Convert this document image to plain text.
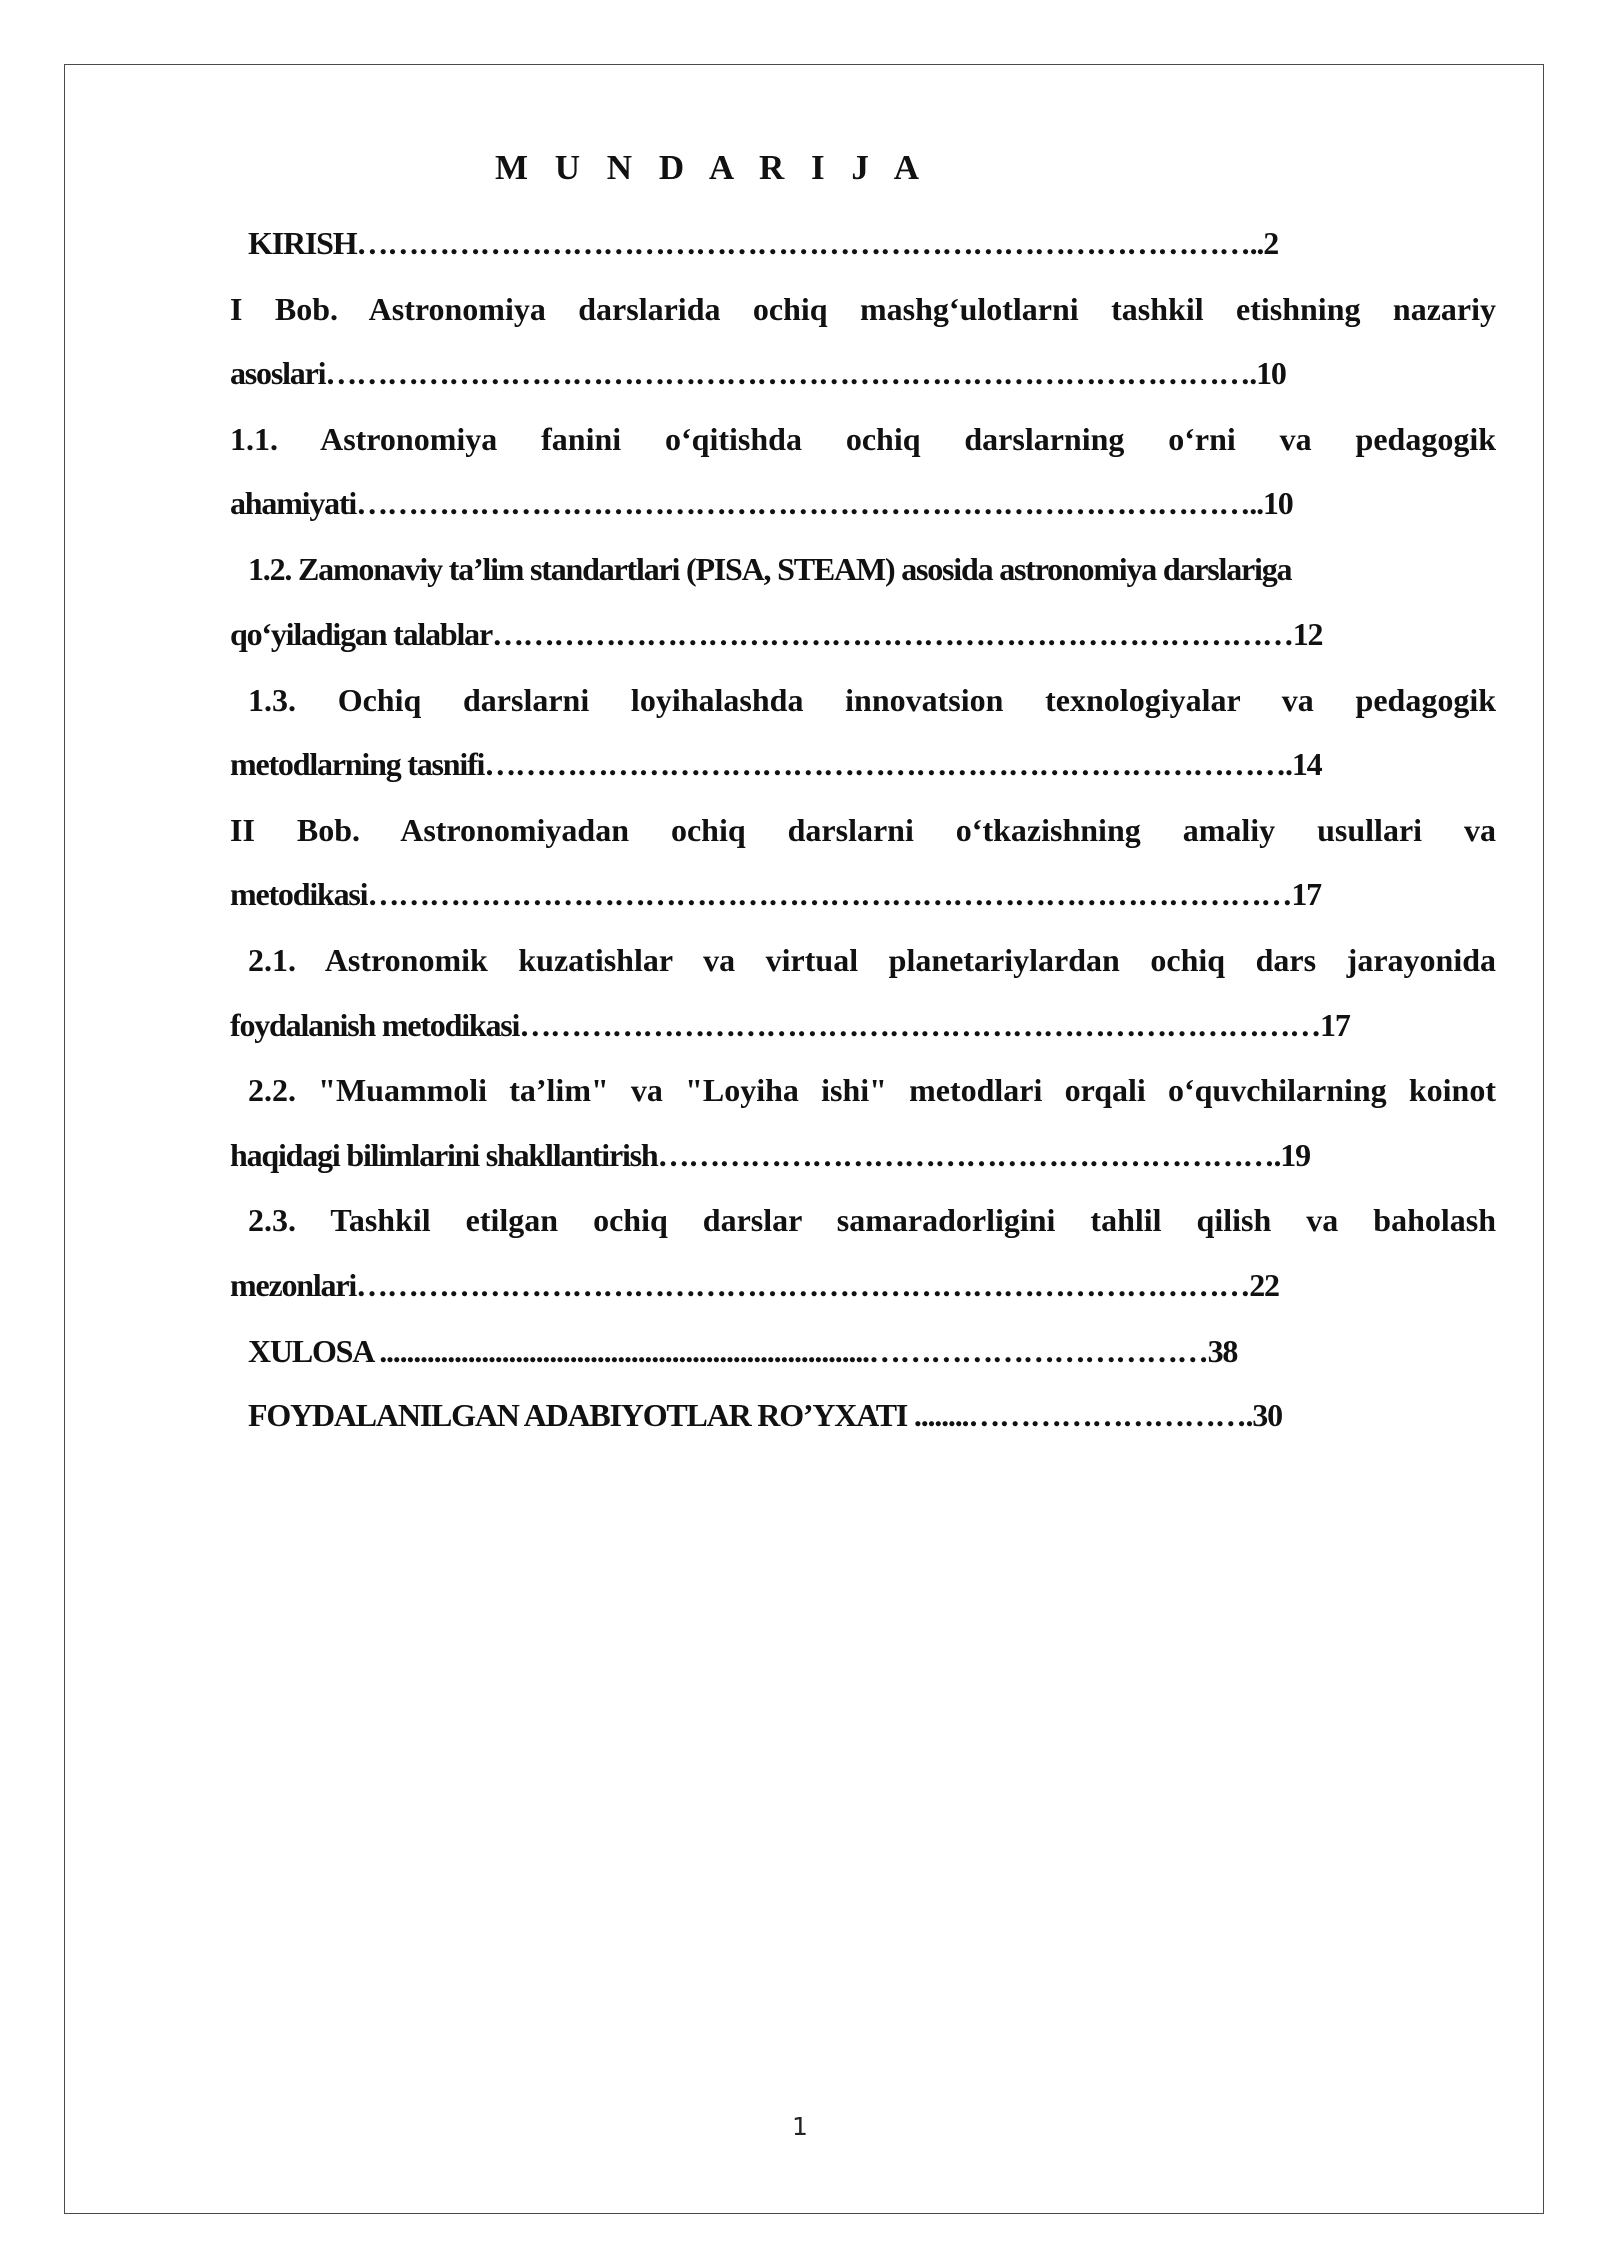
M U N D A R I J A
KIRISH……………………………………………………………………………..2
I Bob. Astronomiya darslarida ochiq mashg‘ulotlarni tashkil etishning nazariy
asoslari……………………………………………………………………………….10
1.1. Astronomiya fanini o‘qitishda ochiq darslarning o‘rni va pedagogik
ahamiyati……………………………………………………………………………..10
1.2. Zamonaviy ta’lim standartlari (PISA, STEAM) asosida astronomiya darslariga
qo‘yiladigan talablar……………………………………………………………………12
1.3. Ochiq darslarni loyihalashda innovatsion texnologiyalar va pedagogik
metodlarning tasnifi…………………………………………………………………….14
II Bob. Astronomiyadan ochiq darslarni o‘tkazishning amaliy usullari va
metodikasi………………………………………………………………………………17
2.1. Astronomik kuzatishlar va virtual planetariylardan ochiq dars jarayonida
foydalanish metodikasi……………………………………………………………………17
2.2. "Muammoli ta’lim" va "Loyiha ishi" metodlari orqali o‘quvchilarning koinot
haqidagi bilimlarini shakllantirish…………………………………………………….19
2.3. Tashkil etilgan ochiq darslar samaradorligini tahlil qilish va baholash
mezonlari……………………………………………………………………………22
XULOSA ........................................................................……………………………38
FOYDALANILGAN ADABIYOTLAR RO’YXATI ........……………………….30
1
